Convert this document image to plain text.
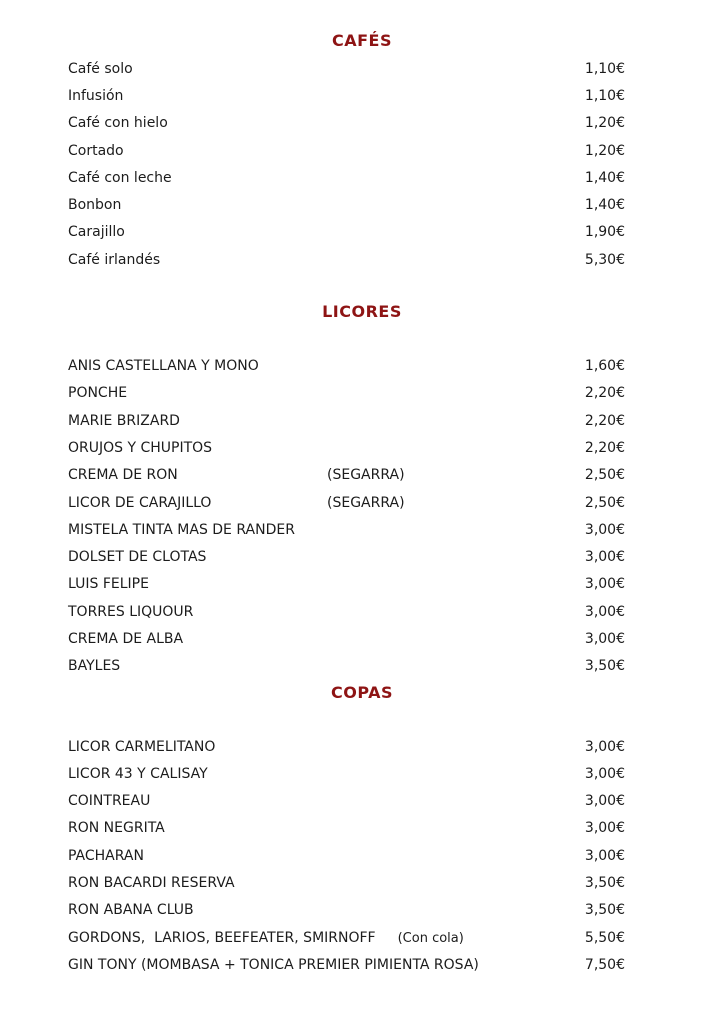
CAFÉS
Café solo	1,10€
Infusión	1,10€
Café con hielo	1,20€
Cortado	1,20€
Café con leche	1,40€
Bonbon	1,40€
Carajillo	1,90€
Café irlandés	5,30€
LICORES
ANIS CASTELLANA Y MONO	1,60€
PONCHE	2,20€
MARIE BRIZARD	2,20€
ORUJOS Y CHUPITOS	2,20€
CREMA DE RON	(SEGARRA)	2,50€
LICOR DE CARAJILLO	(SEGARRA)	2,50€
MISTELA TINTA MAS DE RANDER	3,00€
DOLSET DE CLOTAS	3,00€
LUIS FELIPE	3,00€
TORRES LIQUOUR	3,00€
CREMA DE ALBA	3,00€
BAYLES	3,50€
COPAS
LICOR CARMELITANO	3,00€
LICOR 43 Y CALISAY	3,00€
COINTREAU	3,00€
RON NEGRITA	3,00€
PACHARAN	3,00€
RON BACARDI RESERVA	3,50€
RON ABANA CLUB	3,50€
GORDONS,  LARIOS, BEEFEATER, SMIRNOFF (Con cola)	5,50€
GIN TONY (MOMBASA + TONICA PREMIER PIMIENTA ROSA)	7,50€
